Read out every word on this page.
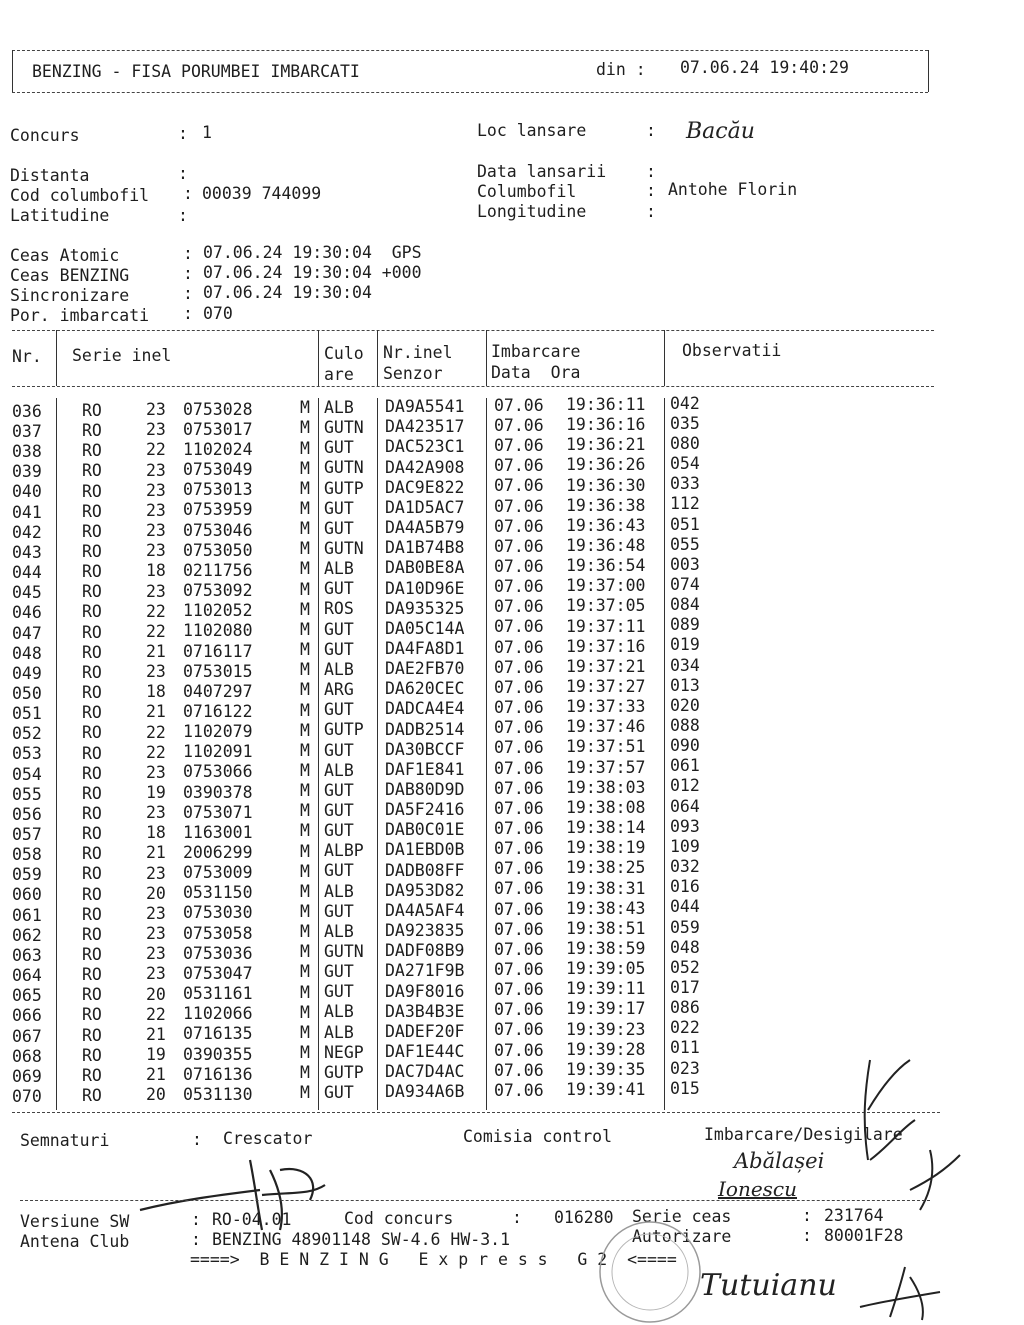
BENZING - FISA PORUMBEI IMBARCATI	din : 07.06.24 19:40:29
Concurs	: 1	Loc lansare	: Bacău
Distanta	:	Data lansarii :
Cod columbofil : 00039 744099	Columbofil	: Antohe Florin
Latitudine	:	Longitudine	:
Ceas Atomic	: 07.06.24 19:30:04  GPS
Ceas BENZING	: 07.06.24 19:30:04 +000
Sincronizare	: 07.06.24 19:30:04
Por. imbarcati : 070
Nr. Serie inel	Culo
are
Nr.inel
Senzor
Imbarcare
Data  Ora
Observatii
036 RO	23 0753028	M ALB DA9A5541 07.06 19:36:11 042
037 RO	23 0753017	M GUTN DA423517 07.06 19:36:16 035
038 RO	22 1102024	M GUT DAC523C1 07.06 19:36:21 080
039 RO	23 0753049	M GUTN DA42A908 07.06 19:36:26 054
040 RO	23 0753013	M GUTP DAC9E822 07.06 19:36:30 033
041 RO	23 0753959	M GUT DA1D5AC7 07.06 19:36:38 112
042 RO	23 0753046	M GUT DA4A5B79 07.06 19:36:43 051
043 RO	23 0753050	M GUTN DA1B74B8 07.06 19:36:48 055
044 RO	18 0211756	M ALB DAB0BE8A 07.06 19:36:54 003
045 RO	23 0753092	M GUT DA10D96E 07.06 19:37:00 074
046 RO	22 1102052	M ROS DA935325 07.06 19:37:05 084
047 RO	22 1102080	M GUT DA05C14A 07.06 19:37:11 089
048 RO	21 0716117	M GUT DA4FA8D1 07.06 19:37:16 019
049 RO	23 0753015	M ALB DAE2FB70 07.06 19:37:21 034
050 RO	18 0407297	M ARG DA620CEC 07.06 19:37:27 013
051 RO	21 0716122	M GUT DADCA4E4 07.06 19:37:33 020
052 RO	22 1102079	M GUTP DADB2514 07.06 19:37:46 088
053 RO	22 1102091	M GUT DA30BCCF 07.06 19:37:51 090
054 RO	23 0753066	M ALB DAF1E841 07.06 19:37:57 061
055 RO	19 0390378	M GUT DAB80D9D 07.06 19:38:03 012
056 RO	23 0753071	M GUT DA5F2416 07.06 19:38:08 064
057 RO	18 1163001	M GUT DAB0C01E 07.06 19:38:14 093
058 RO	21 2006299	M ALBP DA1EBD0B 07.06 19:38:19 109
059 RO	23 0753009	M GUT DADB08FF 07.06 19:38:25 032
060 RO	20 0531150	M ALB DA953D82 07.06 19:38:31 016
061 RO	23 0753030	M GUT DA4A5AF4 07.06 19:38:43 044
062 RO	23 0753058	M ALB DA923835 07.06 19:38:51 059
063 RO	23 0753036	M GUTN DADF08B9 07.06 19:38:59 048
064 RO	23 0753047	M GUT DA271F9B 07.06 19:39:05 052
065 RO	20 0531161	M GUT DA9F8016 07.06 19:39:11 017
066 RO	22 1102066	M ALB DA3B4B3E 07.06 19:39:17 086
067 RO	21 0716135	M ALB DADEF20F 07.06 19:39:23 022
068 RO	19 0390355	M NEGP DAF1E44C 07.06 19:39:28 011
069 RO	21 0716136	M GUTP DAC7D4AC 07.06 19:39:35 023
070 RO	20 0531130	M GUT DA934A6B 07.06 19:39:41 015
Semnaturi	: Crescator	Comisia control	Imbarcare/Desigilare
Abălașei
Ionescu
Versiune SW	: RO-04.01	Cod concurs	: 016280 Serie ceas	: 231764
Antena Club	: BENZING 48901148 SW-4.6 HW-3.1	Autorizare	: 80001F28
====>  B E N Z I N G   E x p r e s s   G 2  <====
Tutuianu
